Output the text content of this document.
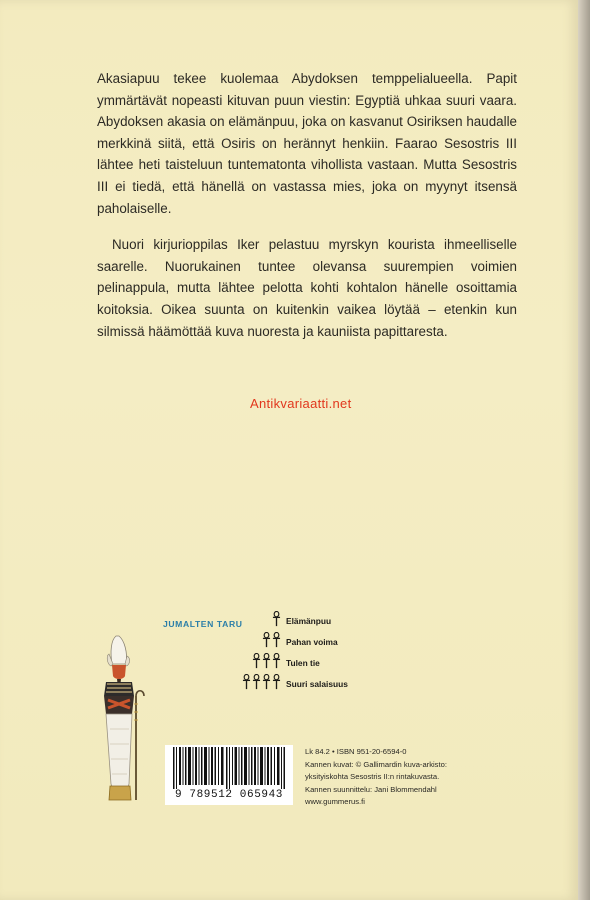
Akasiapuu tekee kuolemaa Abydoksen temppelialueella. Papit ymmärtävät nopeasti kituvan puun viestin: Egyptiä uhkaa suuri vaara. Abydoksen akasia on elämänpuu, joka on kasvanut Osiriksen haudalle merkkinä siitä, että Osiris on herännyt henkiin. Faarao Sesostris III lähtee heti taisteluun tuntematonta vihollista vastaan. Mutta Sesostris III ei tiedä, että hänellä on vastassa mies, joka on myynyt itsensä paholaiselle.

Nuori kirjurioppilas Iker pelastuu myrskyn kourista ihmeelliselle saarelle. Nuorukainen tuntee olevansa suurempien voimien pelinappula, mutta lähtee pelotta kohti kohtalon hänelle osoittamia koitoksia. Oikea suunta on kuitenkin vaikea löytää – etenkin kun silmissä häämöttää kuva nuoresta ja kauniista papittaresta.

Antikvariaatti.net
JUMALTEN TARU	Elämänpuu
Pahan voima
Tulen tie
Suuri salaisuus
9 789512 065943
Lk 84.2 • ISBN 951-20-6594-0
Kannen kuvat: © Gallimardin kuva-arkisto:
yksityiskohta Sesostris II:n rintakuvasta.
Kannen suunnittelu: Jani Blommendahl
www.gummerus.fi
